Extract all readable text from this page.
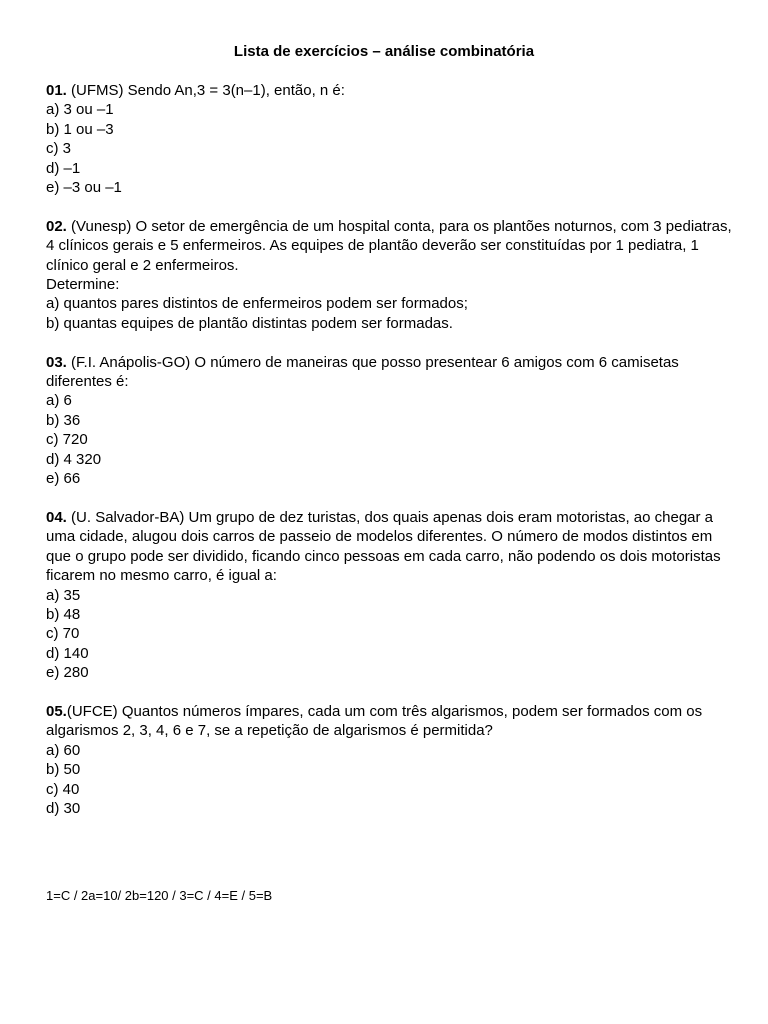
Lista de exercícios – análise combinatória
01. (UFMS) Sendo An,3 = 3(n–1), então, n é:
a) 3 ou –1
b) 1 ou –3
c) 3
d) –1
e) –3 ou –1
02. (Vunesp) O setor de emergência de um hospital conta, para os plantões noturnos, com 3 pediatras, 4 clínicos gerais e 5 enfermeiros. As equipes de plantão deverão ser constituídas por 1 pediatra, 1 clínico geral e 2 enfermeiros.
Determine:
a) quantos pares distintos de enfermeiros podem ser formados;
b) quantas equipes de plantão distintas podem ser formadas.
03. (F.I. Anápolis-GO) O número de maneiras que posso presentear 6 amigos com 6 camisetas diferentes é:
a) 6
b) 36
c) 720
d) 4 320
e) 66
04. (U. Salvador-BA) Um grupo de dez turistas, dos quais apenas dois eram motoristas, ao chegar a uma cidade, alugou dois carros de passeio de modelos diferentes. O número de modos distintos em que o grupo pode ser dividido, ficando cinco pessoas em cada carro, não podendo os dois motoristas ficarem no mesmo carro, é igual a:
a) 35
b) 48
c) 70
d) 140
e) 280
05.(UFCE) Quantos números ímpares, cada um com três algarismos, podem ser formados com os algarismos 2, 3, 4, 6 e 7, se a repetição de algarismos é permitida?
a) 60
b) 50
c) 40
d) 30
1=C / 2a=10/ 2b=120 / 3=C / 4=E / 5=B
